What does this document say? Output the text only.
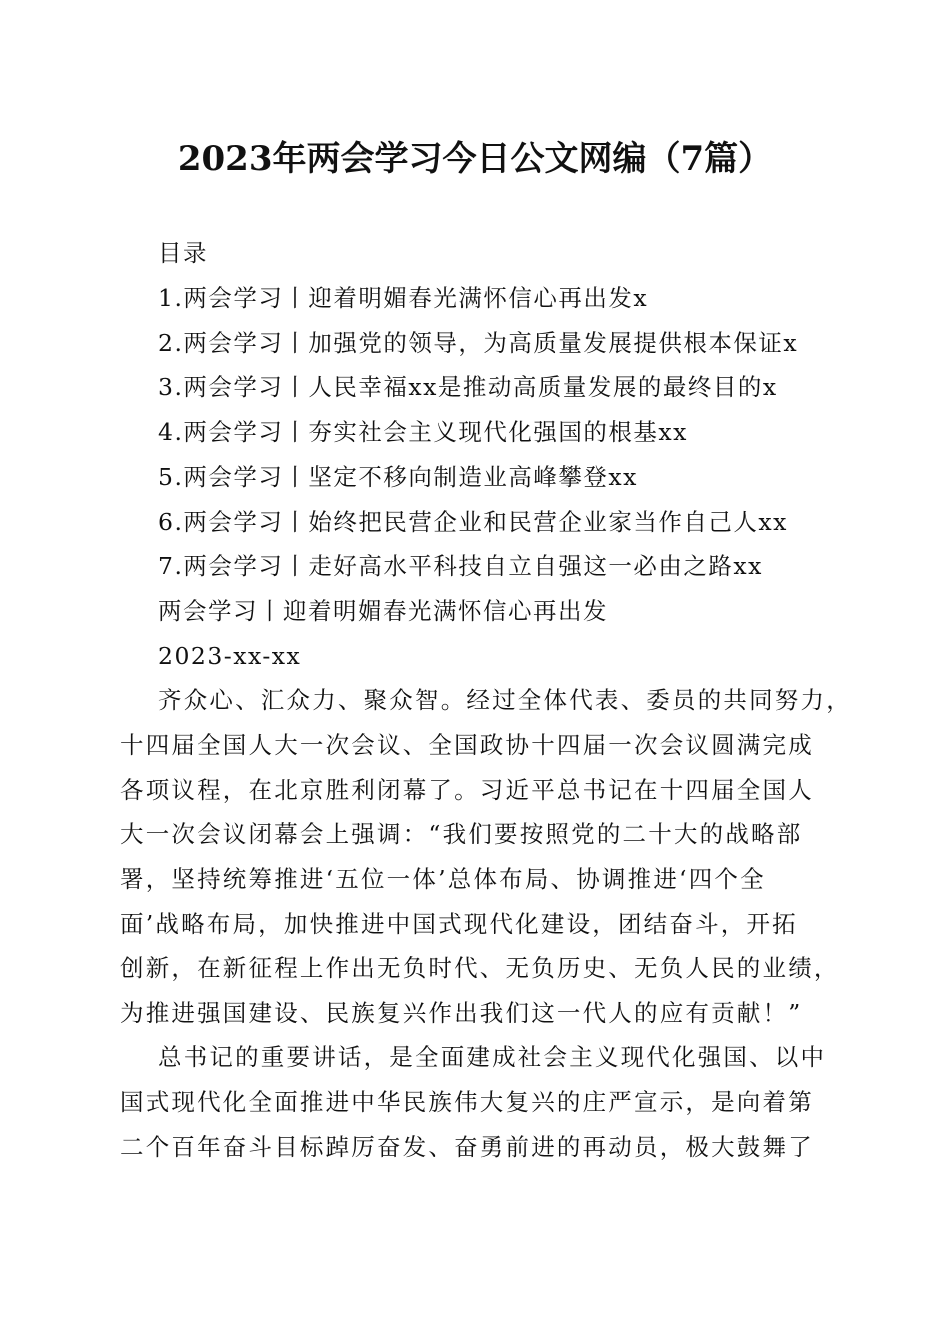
2023年两会学习今日公文网编（7篇）
目录
1.两会学习丨迎着明媚春光满怀信心再出发x
2.两会学习丨加强党的领导，为高质量发展提供根本保证x
3.两会学习丨人民幸福xx是推动高质量发展的最终目的x
4.两会学习丨夯实社会主义现代化强国的根基xx
5.两会学习丨坚定不移向制造业高峰攀登xx
6.两会学习丨始终把民营企业和民营企业家当作自己人xx
7.两会学习丨走好高水平科技自立自强这一必由之路xx
两会学习丨迎着明媚春光满怀信心再出发
2023-xx-xx
齐众心、汇众力、聚众智。经过全体代表、委员的共同努力，
十四届全国人大一次会议、全国政协十四届一次会议圆满完成
各项议程，在北京胜利闭幕了。习近平总书记在十四届全国人
大一次会议闭幕会上强调：“我们要按照党的二十大的战略部
署，坚持统筹推进‘五位一体’总体布局、协调推进‘四个全
面’战略布局，加快推进中国式现代化建设，团结奋斗，开拓
创新，在新征程上作出无负时代、无负历史、无负人民的业绩，
为推进强国建设、民族复兴作出我们这一代人的应有贡献！”
总书记的重要讲话，是全面建成社会主义现代化强国、以中
国式现代化全面推进中华民族伟大复兴的庄严宣示，是向着第
二个百年奋斗目标踔厉奋发、奋勇前进的再动员，极大鼓舞了
